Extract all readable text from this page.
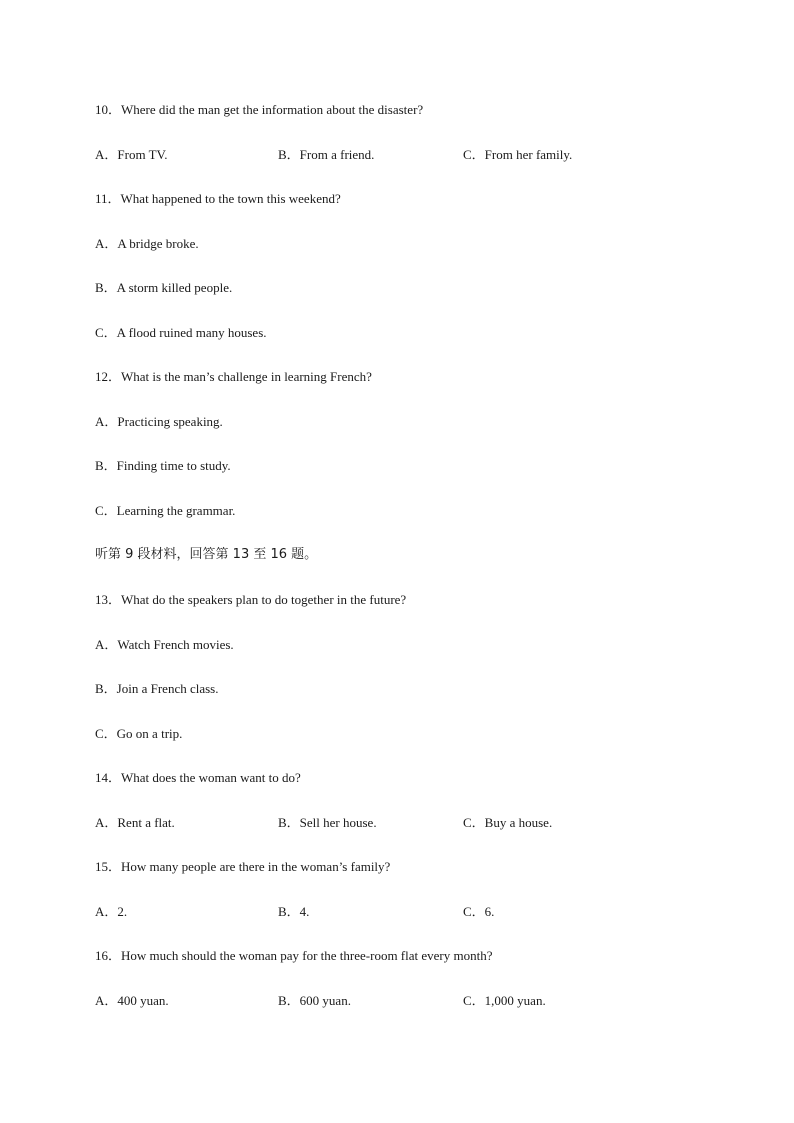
10．Where did the man get the information about the disaster?
A．From TV.	B．From a friend.	C．From her family.
11．What happened to the town this weekend?
A．A bridge broke.
B．A storm killed people.
C．A flood ruined many houses.
12．What is the man’s challenge in learning French?
A．Practicing speaking.
B．Finding time to study.
C．Learning the grammar.
听第 9 段材料，回答第 13 至 16 题。
13．What do the speakers plan to do together in the future?
A．Watch French movies.
B．Join a French class.
C．Go on a trip.
14．What does the woman want to do?
A．Rent a flat.	B．Sell her house.	C．Buy a house.
15．How many people are there in the woman’s family?
A．2.	B．4.	C．6.
16．How much should the woman pay for the three-room flat every month?
A．400 yuan.	B．600 yuan.	C．1,000 yuan.
